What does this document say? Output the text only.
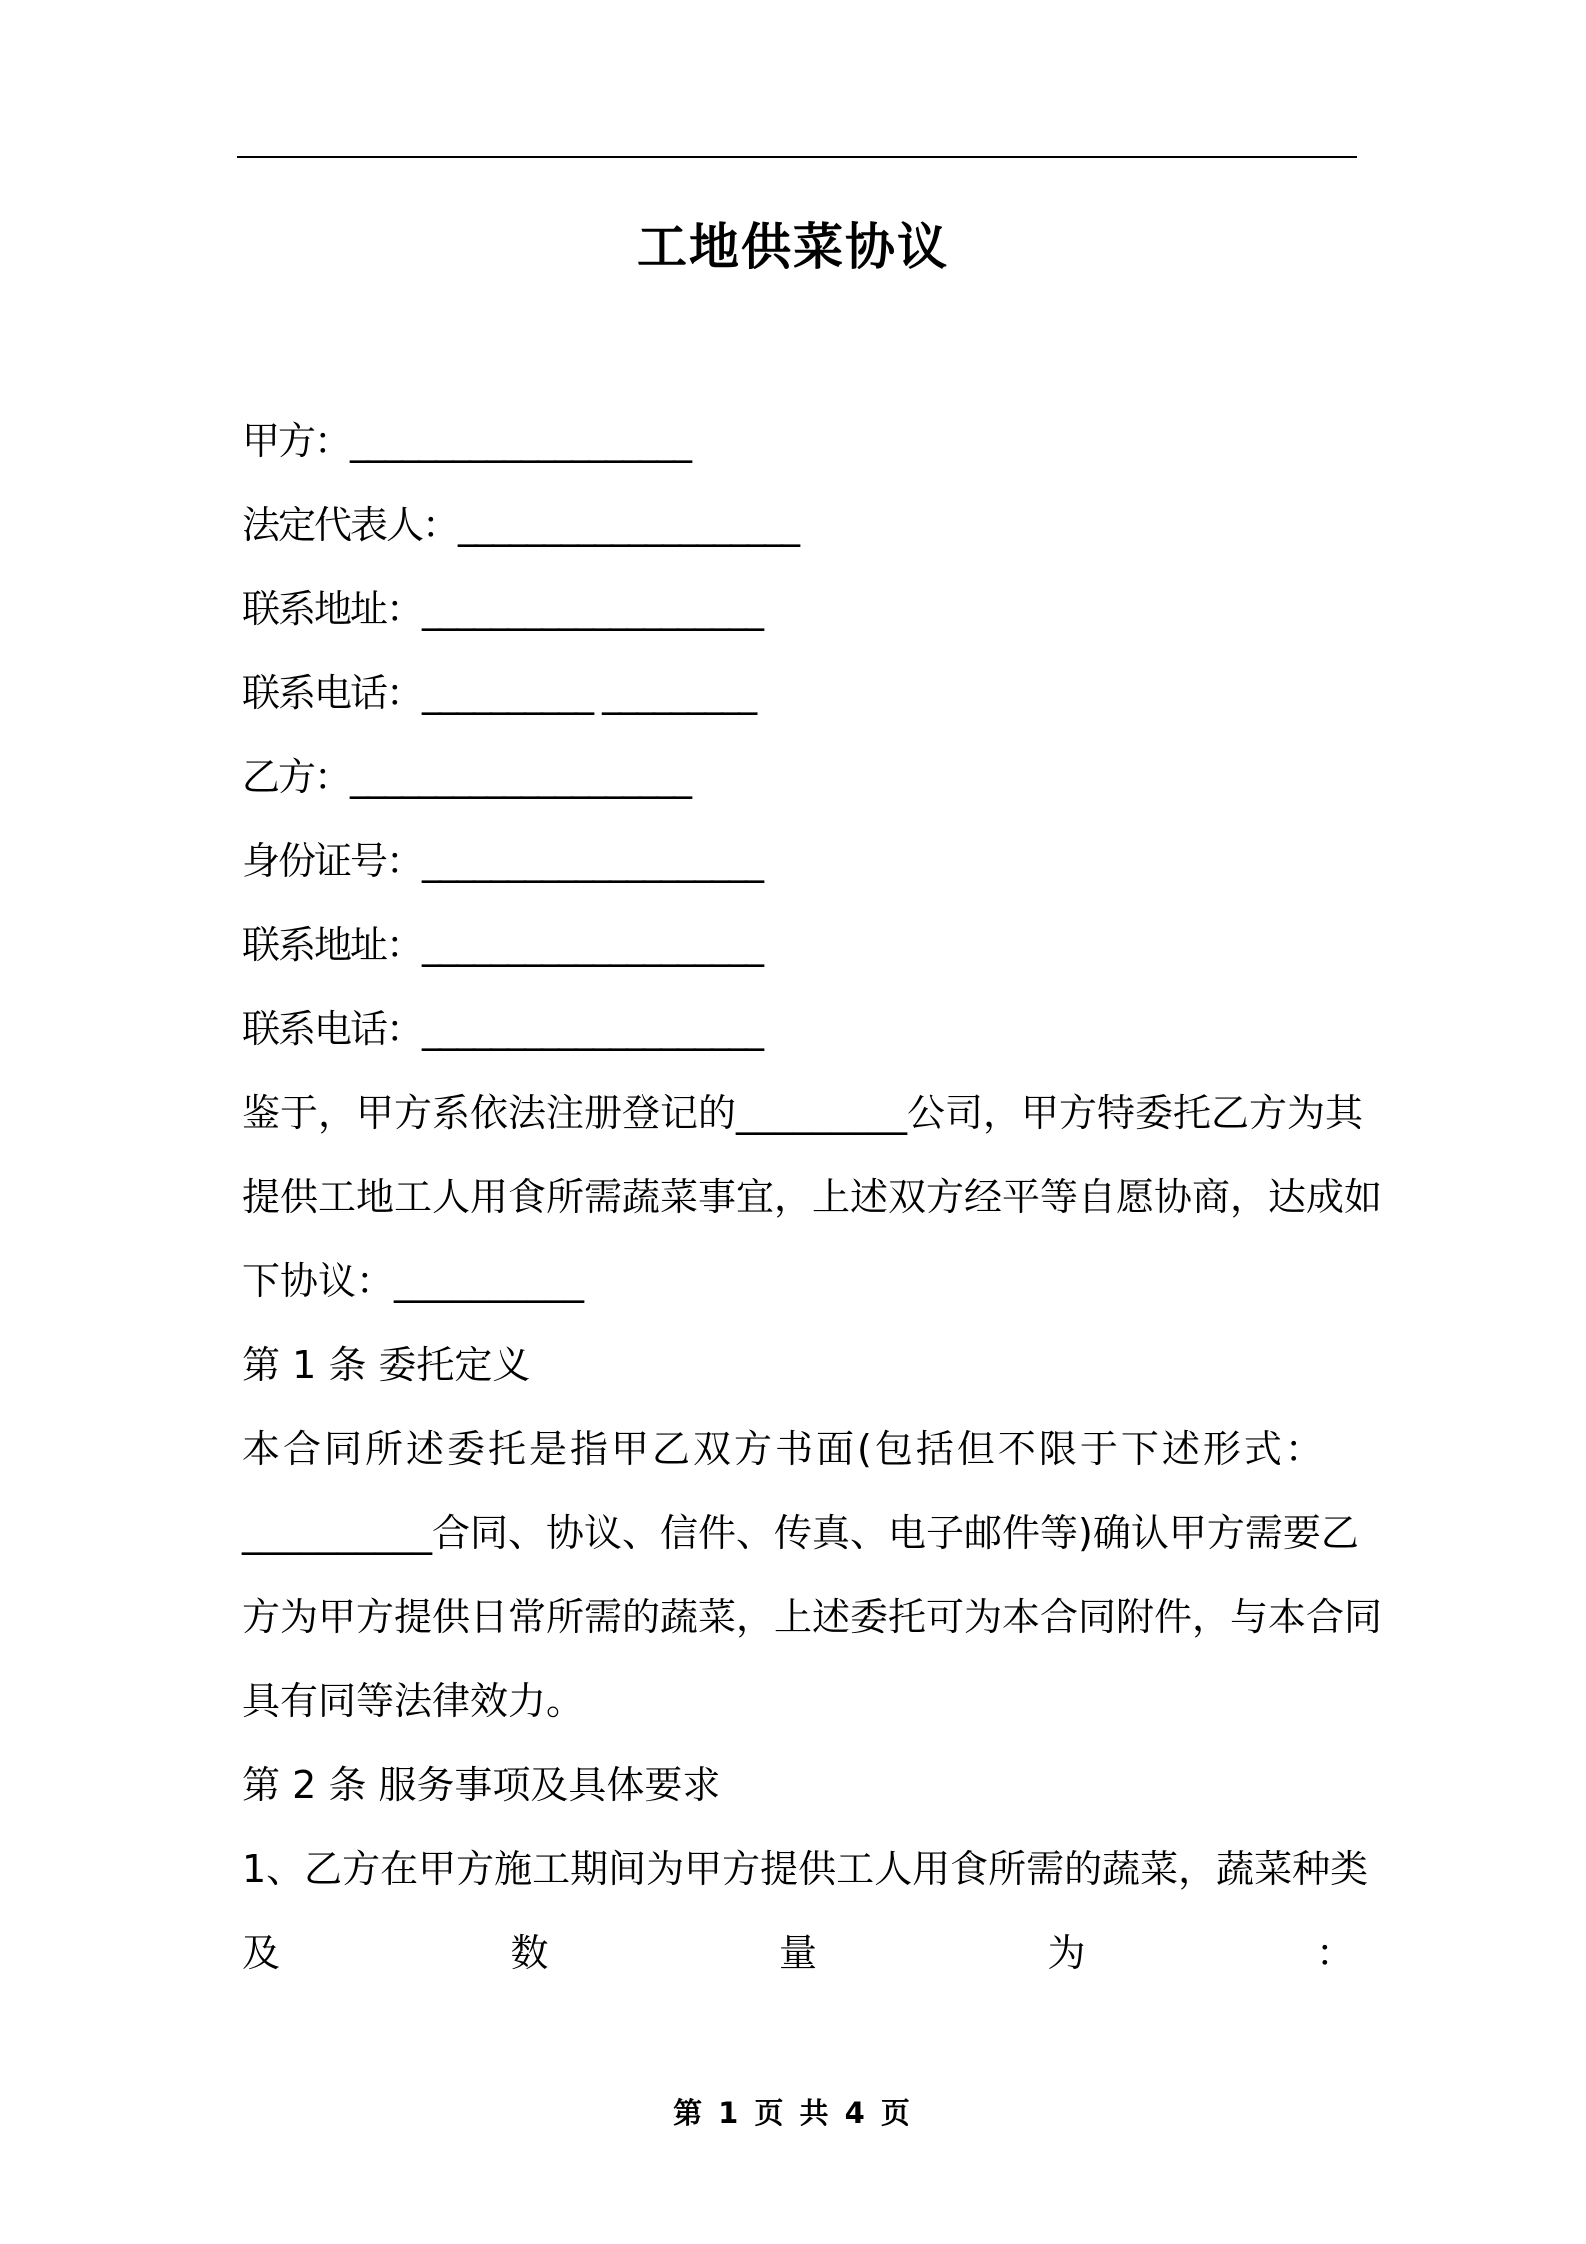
工地供菜协议
甲方：____________________
法定代表人：____________________
联系地址：____________________
联系电话：__________ _________
乙方：____________________
身份证号：____________________
联系地址：____________________
联系电话：____________________
鉴于，甲方系依法注册登记的_________公司，甲方特委托乙方为其
提供工地工人用食所需蔬菜事宜，上述双方经平等自愿协商，达成如
下协议：__________
第 1 条 委托定义
本合同所述委托是指甲乙双方书面(包括但不限于下述形式：
__________合同、协议、信件、传真、电子邮件等)确认甲方需要乙
方为甲方提供日常所需的蔬菜，上述委托可为本合同附件，与本合同
具有同等法律效力。
第 2 条 服务事项及具体要求
1、乙方在甲方施工期间为甲方提供工人用食所需的蔬菜，蔬菜种类
及	数	量	为	：
第 1 页 共 4 页
